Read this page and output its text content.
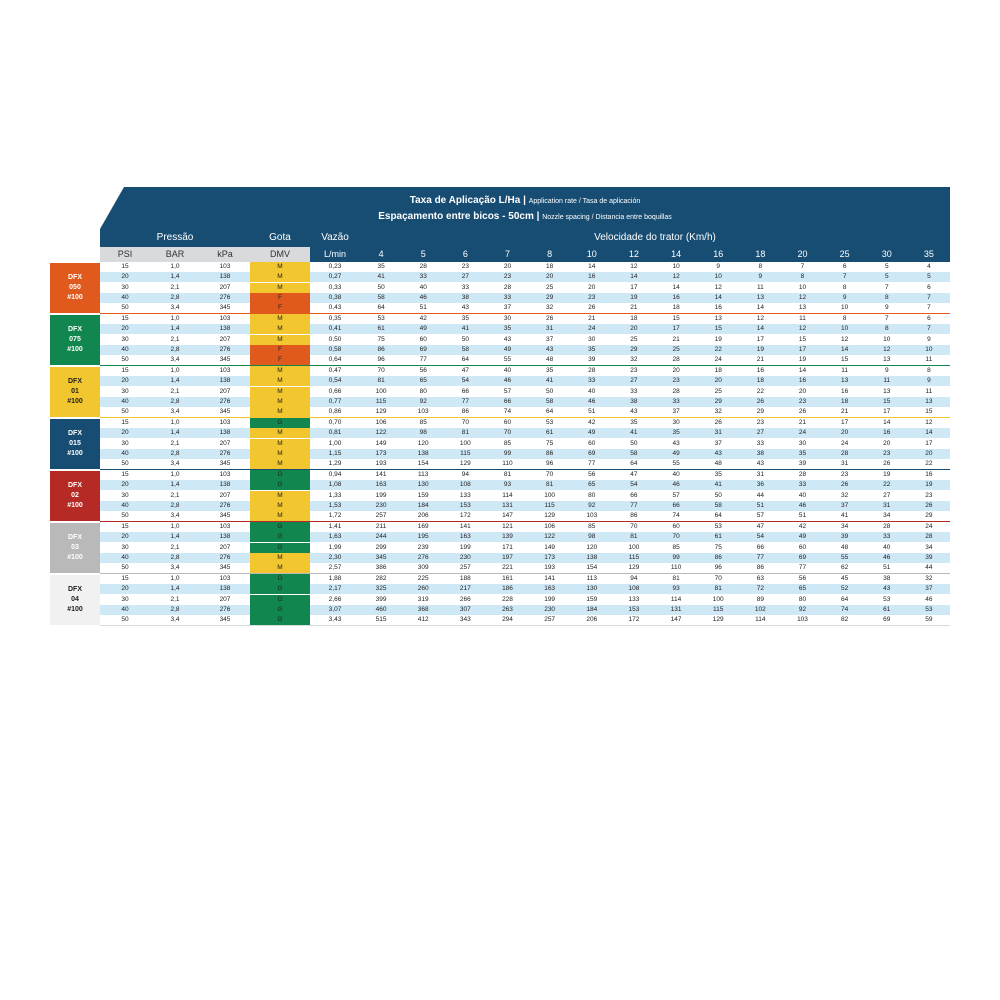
Taxa de Aplicação L/Ha | Application rate / Tasa de aplicación
Espaçamento entre bicos - 50cm | Nozzle spacing / Distancia entre boquillas
Pressão	Gota	Vazão	Velocidade do trator (Km/h)
PSI	BAR	kPa	DMV	L/min	4	5	6	7	8	10	12	14	16	18	20	25	30	35
DFX
050
#100
15	1,0	103	M	0,23	35	28	23	20	18	14	12	10	9	8	7	6	5	4
20	1,4	138	M	0,27	41	33	27	23	20	16	14	12	10	9	8	7	5	5
30	2,1	207	M	0,33	50	40	33	28	25	20	17	14	12	11	10	8	7	6
40	2,8	276	F	0,38	58	46	38	33	29	23	19	16	14	13	12	9	8	7
50	3,4	345	F	0,43	64	51	43	37	32	26	21	18	16	14	13	10	9	7
DFX
075
#100
15	1,0	103	M	0,35	53	42	35	30	26	21	18	15	13	12	11	8	7	6
20	1,4	138	M	0,41	61	49	41	35	31	24	20	17	15	14	12	10	8	7
30	2,1	207	M	0,50	75	60	50	43	37	30	25	21	19	17	15	12	10	9
40	2,8	276	F	0,58	86	69	58	49	43	35	29	25	22	19	17	14	12	10
50	3,4	345	F	0,64	96	77	64	55	48	39	32	28	24	21	19	15	13	11
DFX
01
#100
15	1,0	103	M	0,47	70	56	47	40	35	28	23	20	18	16	14	11	9	8
20	1,4	138	M	0,54	81	65	54	46	41	33	27	23	20	18	16	13	11	9
30	2,1	207	M	0,66	100	80	66	57	50	40	33	28	25	22	20	16	13	11
40	2,8	276	M	0,77	115	92	77	66	58	46	38	33	29	26	23	18	15	13
50	3,4	345	M	0,86	129	103	86	74	64	51	43	37	32	29	26	21	17	15
DFX
015
#100
15	1,0	103	G	0,70	106	85	70	60	53	42	35	30	26	23	21	17	14	12
20	1,4	138	M	0,81	122	98	81	70	61	49	41	35	31	27	24	20	16	14
30	2,1	207	M	1,00	149	120	100	85	75	60	50	43	37	33	30	24	20	17
40	2,8	276	M	1,15	173	138	115	99	86	69	58	49	43	38	35	28	23	20
50	3,4	345	M	1,29	193	154	129	110	96	77	64	55	48	43	39	31	26	22
DFX
02
#100
15	1,0	103	G	0,94	141	113	94	81	70	56	47	40	35	31	28	23	19	16
20	1,4	138	G	1,08	163	130	108	93	81	65	54	46	41	36	33	26	22	19
30	2,1	207	M	1,33	199	159	133	114	100	80	66	57	50	44	40	32	27	23
40	2,8	276	M	1,53	230	184	153	131	115	92	77	66	58	51	46	37	31	26
50	3,4	345	M	1,72	257	206	172	147	129	103	86	74	64	57	51	41	34	29
DFX
03
#100
15	1,0	103	G	1,41	211	169	141	121	106	85	70	60	53	47	42	34	28	24
20	1,4	138	G	1,63	244	195	163	139	122	98	81	70	61	54	49	39	33	28
30	2,1	207	G	1,99	299	239	199	171	149	120	100	85	75	66	60	48	40	34
40	2,8	276	M	2,30	345	276	230	197	173	138	115	99	86	77	69	55	46	39
50	3,4	345	M	2,57	386	309	257	221	193	154	129	110	96	86	77	62	51	44
DFX
04
#100
15	1,0	103	G	1,88	282	225	188	161	141	113	94	81	70	63	56	45	38	32
20	1,4	138	G	2,17	325	260	217	186	163	130	108	93	81	72	65	52	43	37
30	2,1	207	G	2,66	399	319	266	228	199	159	133	114	100	89	80	64	53	46
40	2,8	276	G	3,07	460	368	307	263	230	184	153	131	115	102	92	74	61	53
50	3,4	345	G	3,43	515	412	343	294	257	206	172	147	129	114	103	82	69	59
